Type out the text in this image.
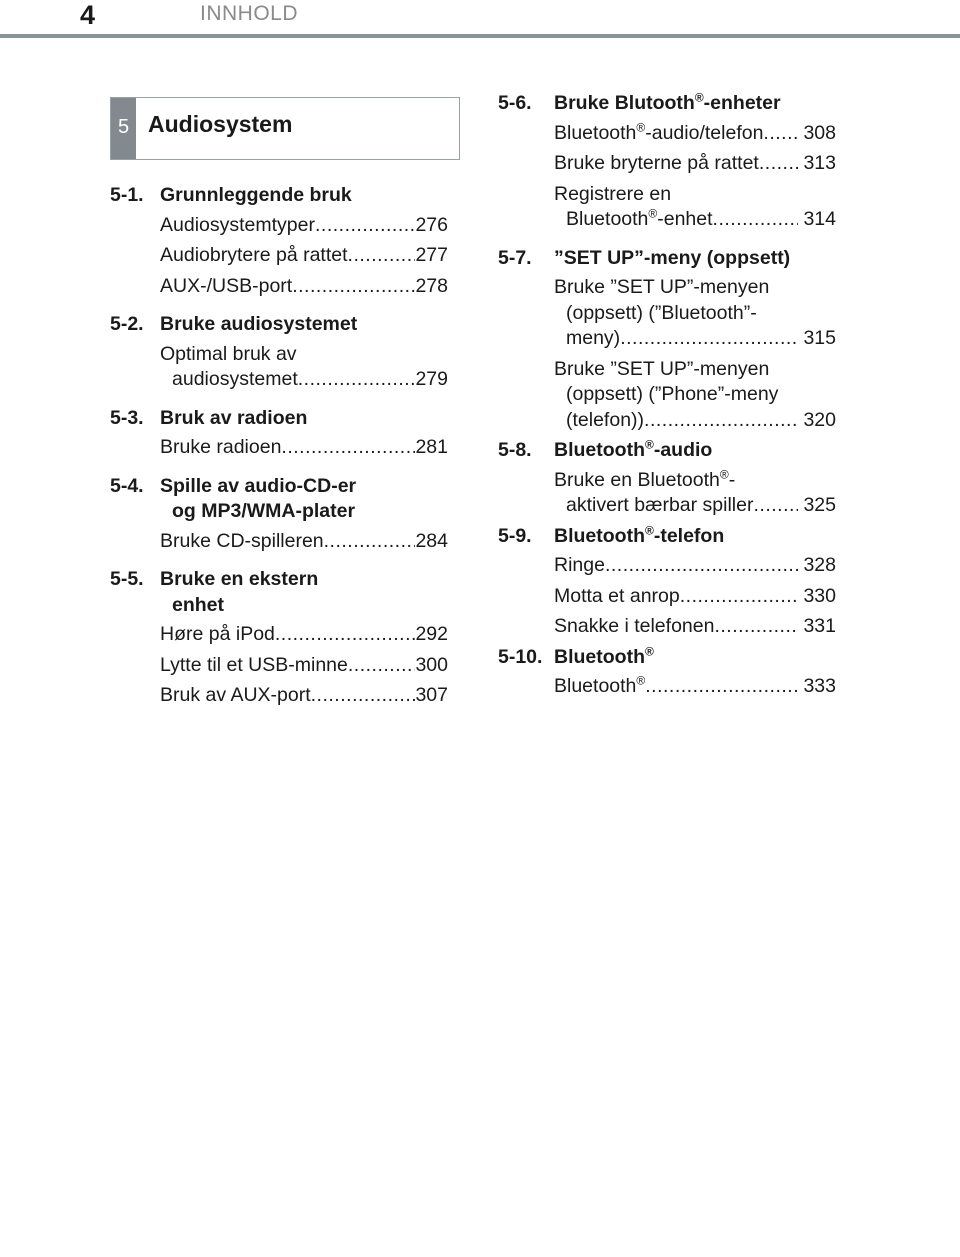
4	INNHOLD
5 Audiosystem
5-1. Grunnleggende bruk
Audiosystemtyper .....	276
Audiobrytere på rattet .....	277
AUX-/USB-port .....	278
5-2. Bruke audiosystemet
Optimal bruk av
audiosystemet .....	279
5-3. Bruk av radioen
Bruke radioen .....	281
5-4. Spille av audio-CD-er
og MP3/WMA-plater
Bruke CD-spilleren .....	284
5-5. Bruke en ekstern
enhet
Høre på iPod .....	292
Lytte til et USB-minne .....	300
Bruk av AUX-port .....	307
5-6. Bruke Blutooth®-enheter
Bluetooth®-audio/telefon ..... 308
Bruke bryterne på rattet ..... 313
Registrere en
Bluetooth®-enhet .....	314
5-7. ”SET UP”-meny (oppsett)
Bruke ”SET UP”-menyen
(oppsett) (”Bluetooth”-
meny) .....	315
Bruke ”SET UP”-menyen
(oppsett) (”Phone”-meny
(telefon)) .....	320
5-8. Bluetooth®-audio
Bruke en Bluetooth®-
aktivert bærbar spiller .....	325
5-9. Bluetooth®-telefon
Ringe .....	328
Motta et anrop .....	330
Snakke i telefonen .....	331
5-10. Bluetooth®
Bluetooth® .....	333
